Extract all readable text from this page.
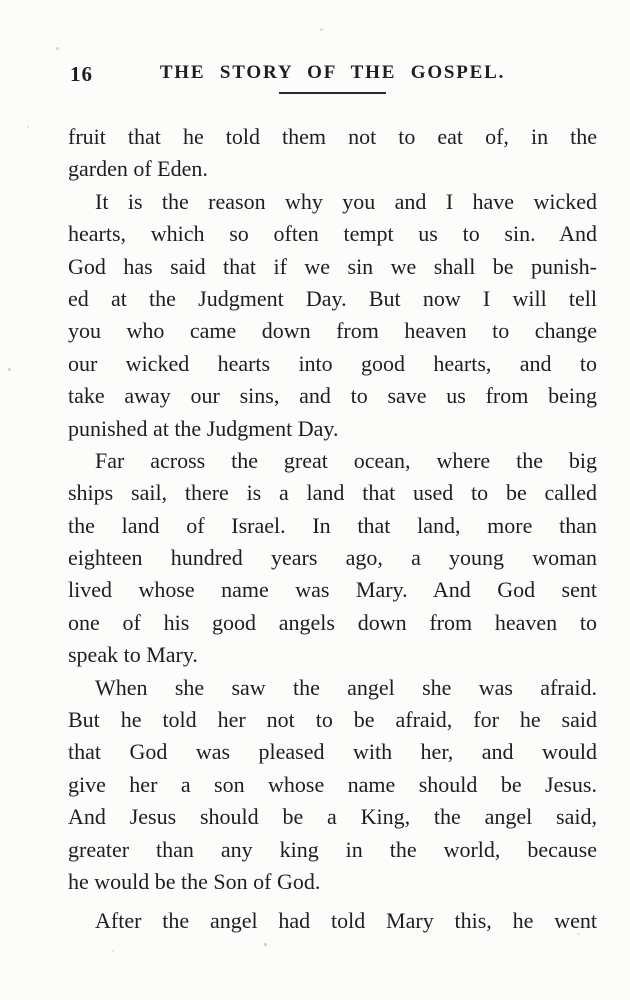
16	THE STORY OF THE GOSPEL.
fruit that he told them not to eat of, in the
garden of Eden.
It is the reason why you and I have wicked
hearts, which so often tempt us to sin. And
God has said that if we sin we shall be punish-
ed at the Judgment Day. But now I will tell
you who came down from heaven to change
our wicked hearts into good hearts, and to
take away our sins, and to save us from being
punished at the Judgment Day.
Far across the great ocean, where the big
ships sail, there is a land that used to be called
the land of Israel. In that land, more than
eighteen hundred years ago, a young woman
lived whose name was Mary. And God sent
one of his good angels down from heaven to
speak to Mary.
When she saw the angel she was afraid.
But he told her not to be afraid, for he said
that God was pleased with her, and would
give her a son whose name should be Jesus.
And Jesus should be a King, the angel said,
greater than any king in the world, because
he would be the Son of God.
After the angel had told Mary this, he went
